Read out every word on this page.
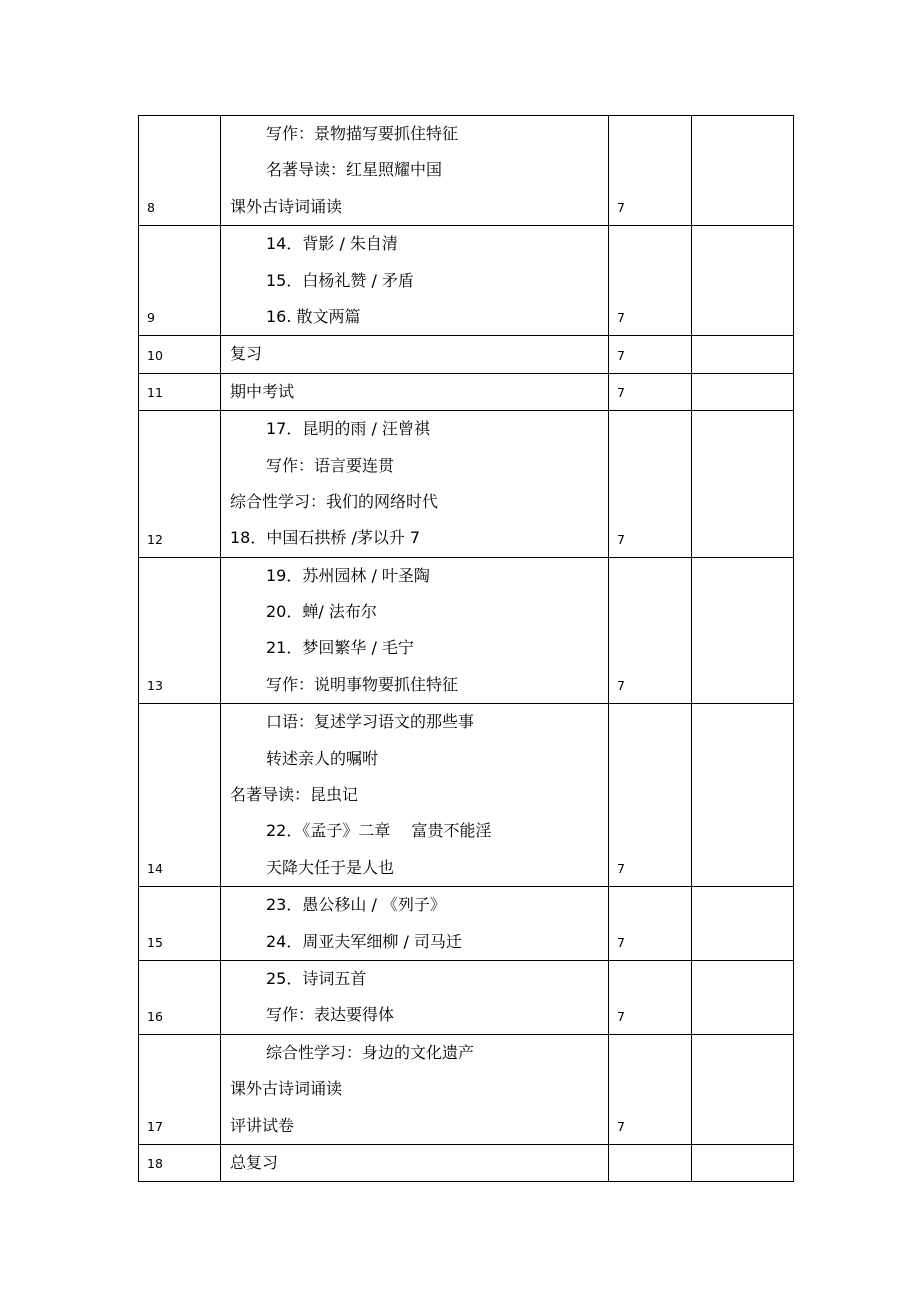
8	写作：景物描写要抓住特征
名著导读：红星照耀中国
课外古诗词诵读	7	
9	14．背影 / 朱自清
15．白杨礼赞 / 矛盾
16. 散文两篇	7	
10	复习	7	
11	期中考试	7	
12	17．昆明的雨 / 汪曾祺
写作：语言要连贯
综合性学习：我们的网络时代
18．中国石拱桥 /茅以升 7	7	
13	19．苏州园林 / 叶圣陶
20．蝉/ 法布尔
21．梦回繁华 / 毛宁
写作：说明事物要抓住特征	7	
14	口语：复述学习语文的那些事
转述亲人的嘱咐
名著导读：昆虫记
22．《孟子》二章　 富贵不能淫
天降大任于是人也	7	
15	23．愚公移山 / 《列子》
24．周亚夫军细柳 / 司马迁	7	
16	25．诗词五首
写作：表达要得体	7	
17	综合性学习：身边的文化遗产
课外古诗词诵读
评讲试卷	7	
18	总复习		
